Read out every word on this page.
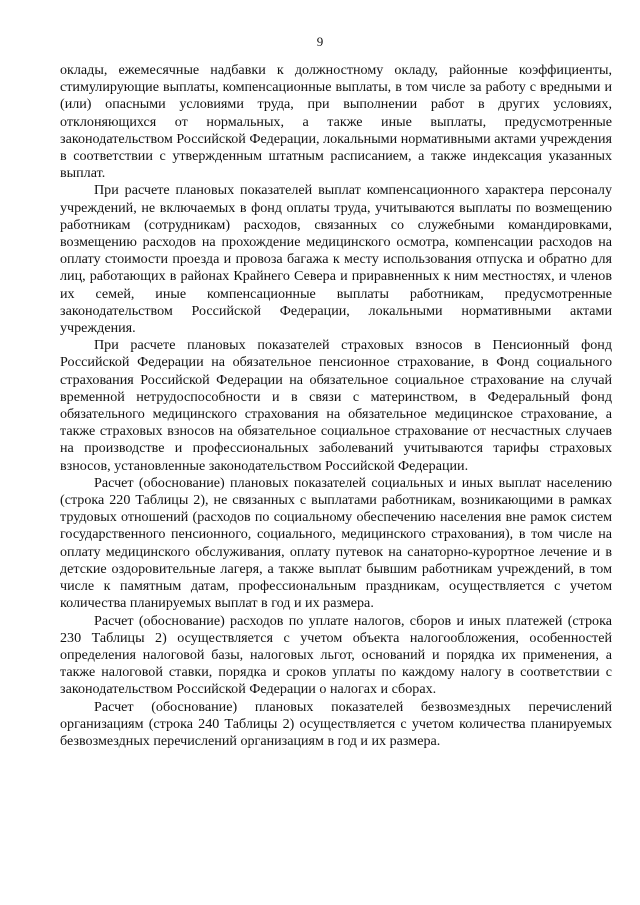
9

оклады, ежемесячные надбавки к должностному окладу, районные коэффициенты, стимулирующие выплаты, компенсационные выплаты, в том числе за работу с вредными и (или) опасными условиями труда, при выполнении работ в других условиях, отклоняющихся от нормальных, а также иные выплаты, предусмотренные законодательством Российской Федерации, локальными нормативными актами учреждения в соответствии с утвержденным штатным расписанием, а также индексация указанных выплат.

При расчете плановых показателей выплат компенсационного характера персоналу учреждений, не включаемых в фонд оплаты труда, учитываются выплаты по возмещению работникам (сотрудникам) расходов, связанных со служебными командировками, возмещению расходов на прохождение медицинского осмотра, компенсации расходов на оплату стоимости проезда и провоза багажа к месту использования отпуска и обратно для лиц, работающих в районах Крайнего Севера и приравненных к ним местностях, и членов их семей, иные компенсационные выплаты работникам, предусмотренные законодательством Российской Федерации, локальными нормативными актами учреждения.

При расчете плановых показателей страховых взносов в Пенсионный фонд Российской Федерации на обязательное пенсионное страхование, в Фонд социального страхования Российской Федерации на обязательное социальное страхование на случай временной нетрудоспособности и в связи с материнством, в Федеральный фонд обязательного медицинского страхования на обязательное медицинское страхование, а также страховых взносов на обязательное социальное страхование от несчастных случаев на производстве и профессиональных заболеваний учитываются тарифы страховых взносов, установленные законодательством Российской Федерации.

Расчет (обоснование) плановых показателей социальных и иных выплат населению (строка 220 Таблицы 2), не связанных с выплатами работникам, возникающими в рамках трудовых отношений (расходов по социальному обеспечению населения вне рамок систем государственного пенсионного, социального, медицинского страхования), в том числе на оплату медицинского обслуживания, оплату путевок на санаторно-курортное лечение и в детские оздоровительные лагеря, а также выплат бывшим работникам учреждений, в том числе к памятным датам, профессиональным праздникам, осуществляется с учетом количества планируемых выплат в год и их размера.

Расчет (обоснование) расходов по уплате налогов, сборов и иных платежей (строка 230 Таблицы 2) осуществляется с учетом объекта налогообложения, особенностей определения налоговой базы, налоговых льгот, оснований и порядка их применения, а также налоговой ставки, порядка и сроков уплаты по каждому налогу в соответствии с законодательством Российской Федерации о налогах и сборах.

Расчет (обоснование) плановых показателей безвозмездных перечислений организациям (строка 240 Таблицы 2) осуществляется с учетом количества планируемых безвозмездных перечислений организациям в год и их размера.
